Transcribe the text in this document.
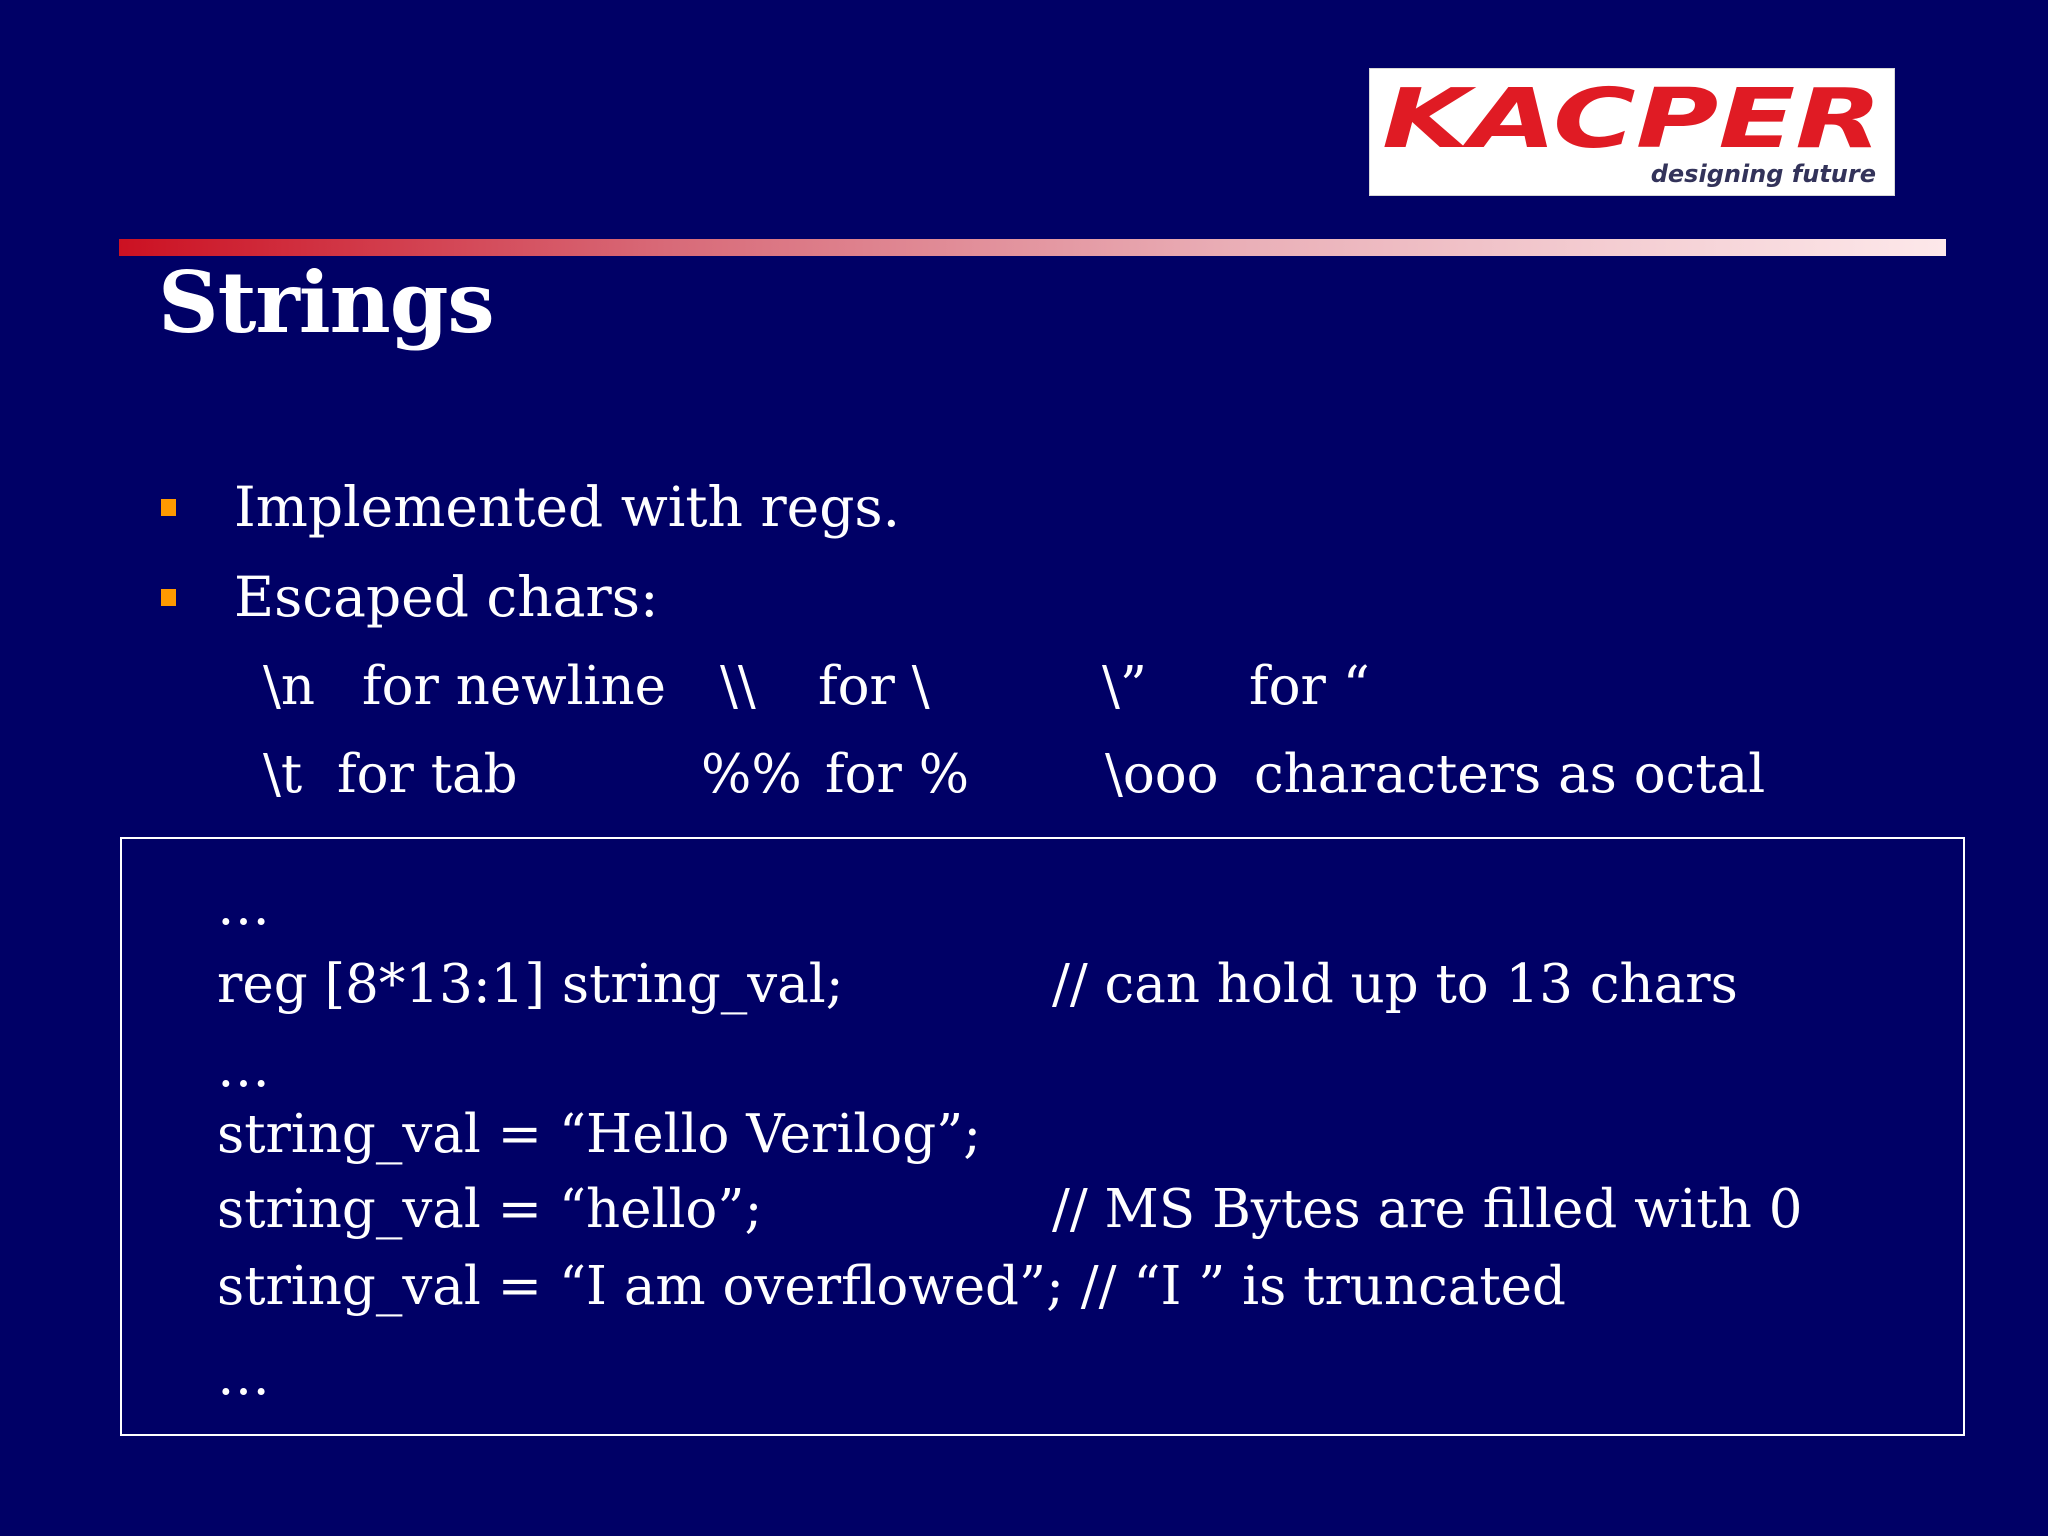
KACPER
designing future
Strings
Implemented with regs.
Escaped chars:
\n for newline \\ for \	\” for “
\t for tab	%% for %	\ooo characters as octal
…
reg [8*13:1] string_val;	// can hold up to 13 chars
…
string_val = “Hello Verilog”;
string_val = “hello”;	// MS Bytes are filled with 0
string_val = “I am overflowed”; // “I ” is truncated
…
